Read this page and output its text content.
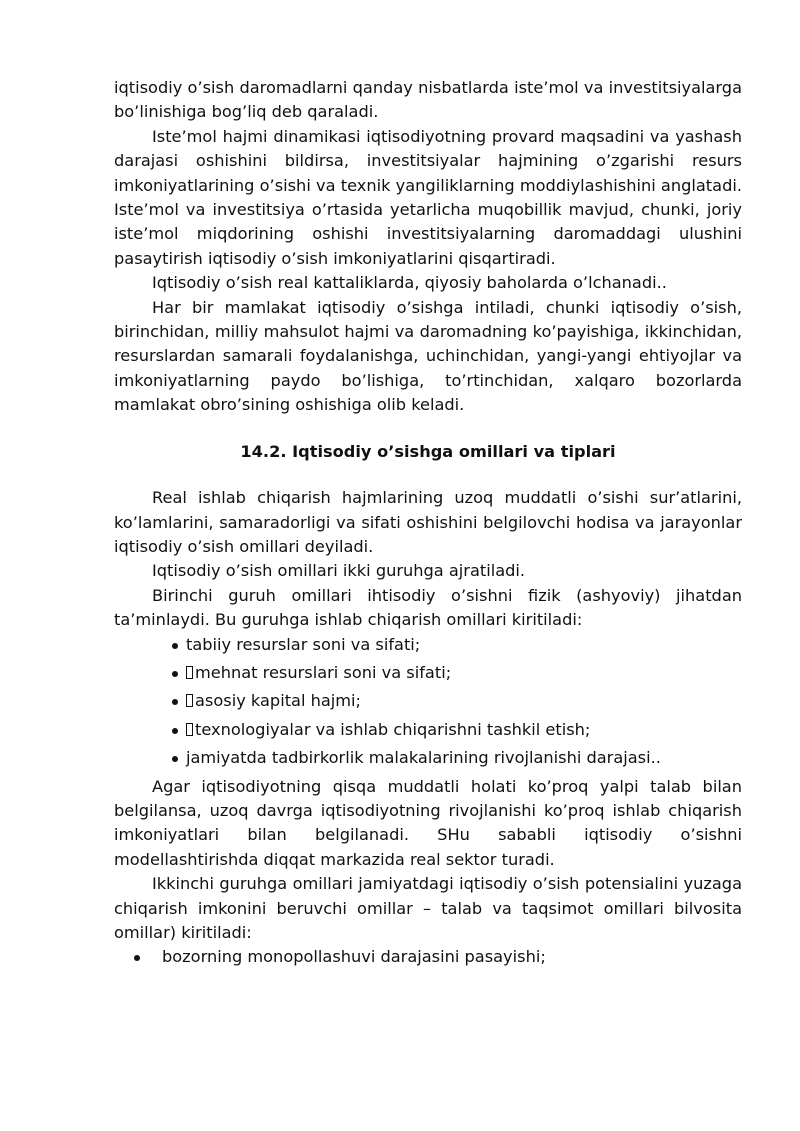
iqtisodiy o’sish daromadlarni qanday nisbatlarda iste’mol va investitsiyalarga bo’linishiga bog’liq deb qaraladi.

Iste’mol hajmi dinamikasi iqtisodiyotning provard maqsadini va yashash darajasi oshishini bildirsa, investitsiyalar hajmining o’zgarishi resurs imkoniyatlarining o’sishi va texnik yangiliklarning moddiylashishini anglatadi. Iste’mol va investitsiya o’rtasida yetarlicha muqobillik mavjud, chunki, joriy iste’mol miqdorining oshishi investitsiyalarning daromaddagi ulushini pasaytirish iqtisodiy o’sish imkoniyatlarini qisqartiradi.

Iqtisodiy o’sish real kattaliklarda, qiyosiy baholarda o’lchanadi..

Har bir mamlakat iqtisodiy o’sishga intiladi, chunki iqtisodiy o’sish, birinchidan, milliy mahsulot hajmi va daromadning ko’payishiga, ikkinchidan, resurslardan samarali foydalanishga, uchinchidan, yangi-yangi ehtiyojlar va imkoniyatlarning paydo bo’lishiga, to’rtinchidan, xalqaro bozorlarda mamlakat obro’sining oshishiga olib keladi.

14.2. Iqtisodiy o’sishga omillari va tiplari

Real ishlab chiqarish hajmlarining uzoq muddatli o’sishi sur’atlarini, ko’lamlarini, samaradorligi va sifati oshishini belgilovchi hodisa va jarayonlar iqtisodiy o’sish omillari deyiladi.

Iqtisodiy o’sish omillari ikki guruhga ajratiladi.

Birinchi guruh omillari ihtisodiy o’sishni fizik (ashyoviy) jihatdan ta’minlaydi. Bu guruhga ishlab chiqarish omillari kiritiladi:

tabiiy resurslar soni va sifati;
mehnat resurslari soni va sifati;
asosiy kapital hajmi;
texnologiyalar va ishlab chiqarishni tashkil etish;
jamiyatda tadbirkorlik malakalarining rivojlanishi darajasi..

Agar iqtisodiyotning qisqa muddatli holati ko’proq yalpi talab bilan belgilansa, uzoq davrga iqtisodiyotning rivojlanishi ko’proq ishlab chiqarish imkoniyatlari bilan belgilanadi. SHu sababli iqtisodiy o’sishni modellashtirishda diqqat markazida real sektor turadi.

Ikkinchi guruhga omillari jamiyatdagi iqtisodiy o’sish potensialini yuzaga chiqarish imkonini beruvchi omillar – talab va taqsimot omillari bilvosita omillar) kiritiladi:

bozorning monopollashuvi darajasini pasayishi;
